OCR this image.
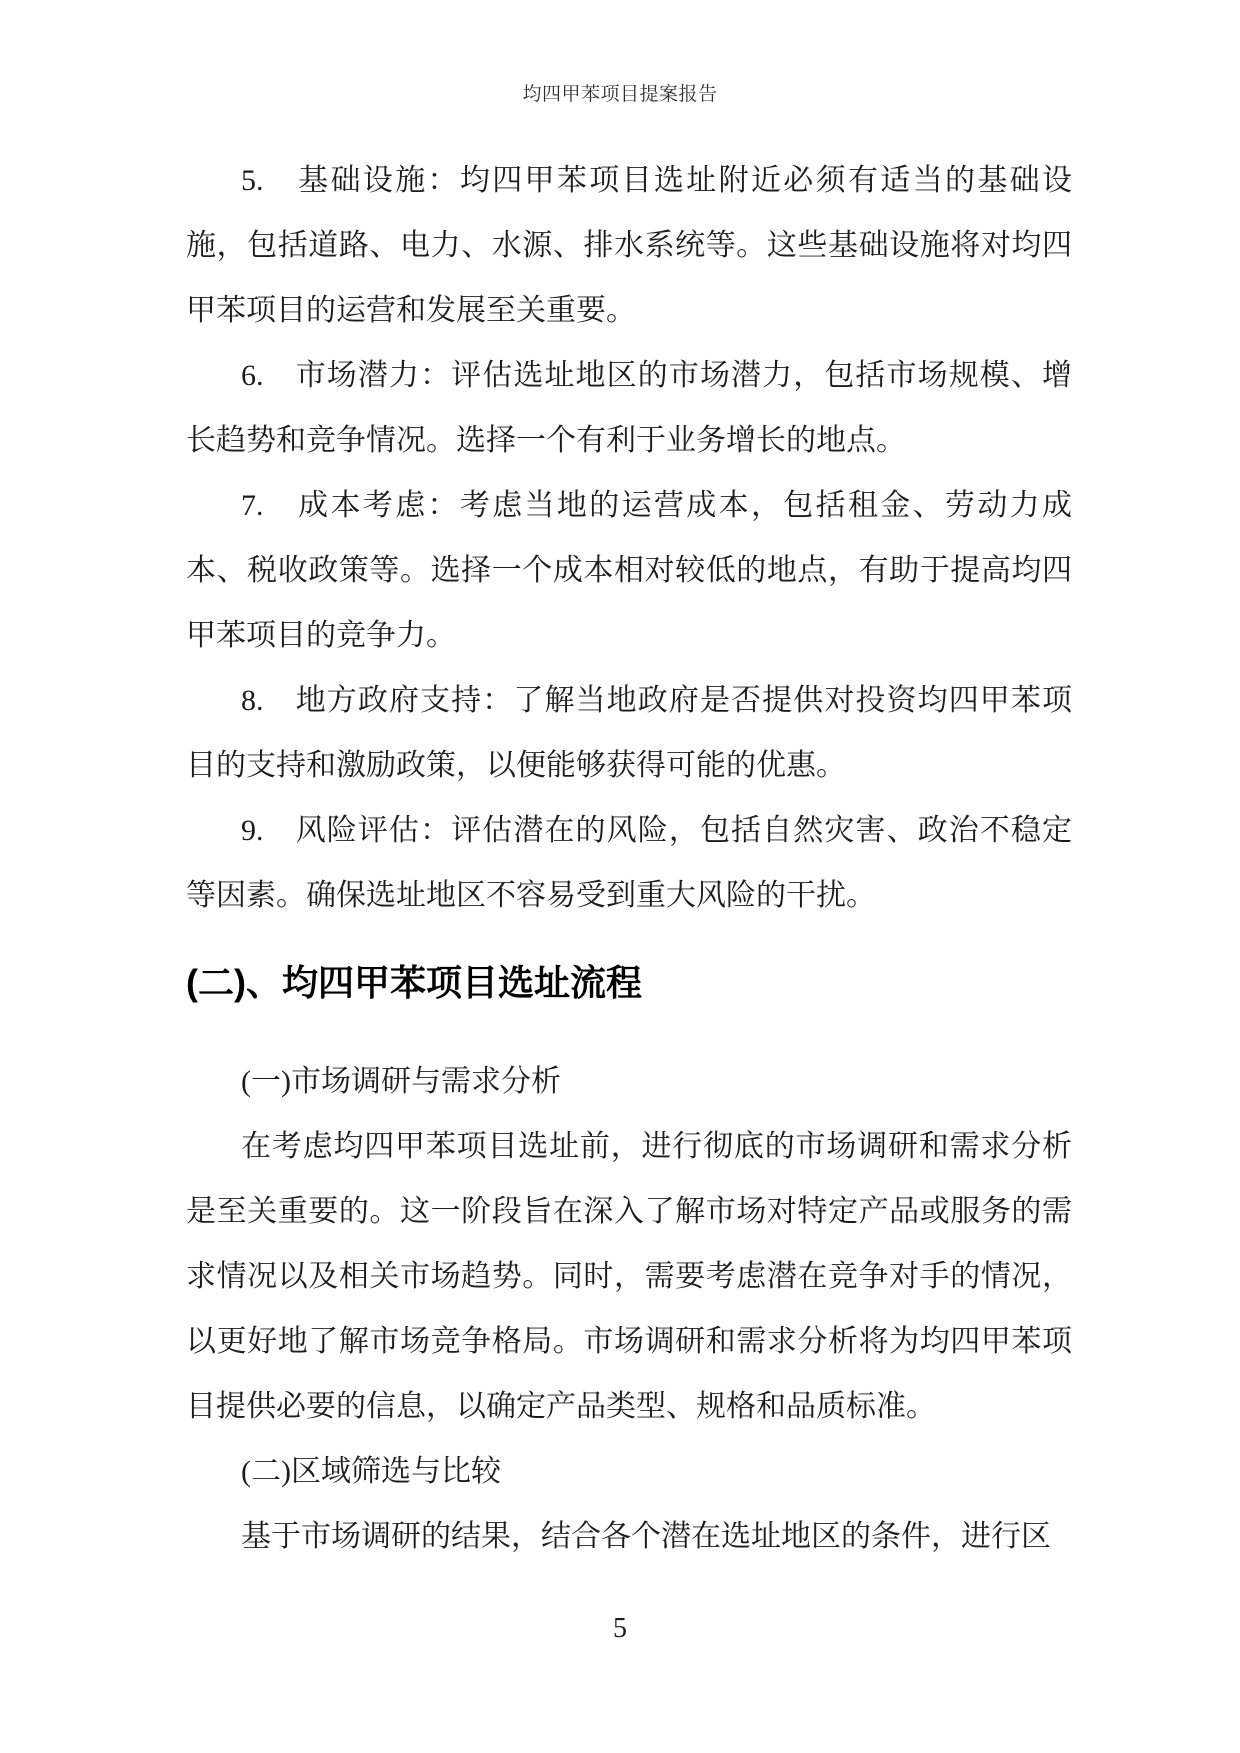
均四甲苯项目提案报告

5.　基础设施：均四甲苯项目选址附近必须有适当的基础设施，包括道路、电力、水源、排水系统等。这些基础设施将对均四甲苯项目的运营和发展至关重要。

6.　市场潜力：评估选址地区的市场潜力，包括市场规模、增长趋势和竞争情况。选择一个有利于业务增长的地点。

7.　成本考虑：考虑当地的运营成本，包括租金、劳动力成本、税收政策等。选择一个成本相对较低的地点，有助于提高均四甲苯项目的竞争力。

8.　地方政府支持：了解当地政府是否提供对投资均四甲苯项目的支持和激励政策，以便能够获得可能的优惠。

9.　风险评估：评估潜在的风险，包括自然灾害、政治不稳定等因素。确保选址地区不容易受到重大风险的干扰。

(二)、均四甲苯项目选址流程

(一)市场调研与需求分析

在考虑均四甲苯项目选址前，进行彻底的市场调研和需求分析是至关重要的。这一阶段旨在深入了解市场对特定产品或服务的需求情况以及相关市场趋势。同时，需要考虑潜在竞争对手的情况，以更好地了解市场竞争格局。市场调研和需求分析将为均四甲苯项目提供必要的信息，以确定产品类型、规格和品质标准。

(二)区域筛选与比较

基于市场调研的结果，结合各个潜在选址地区的条件，进行区

5
